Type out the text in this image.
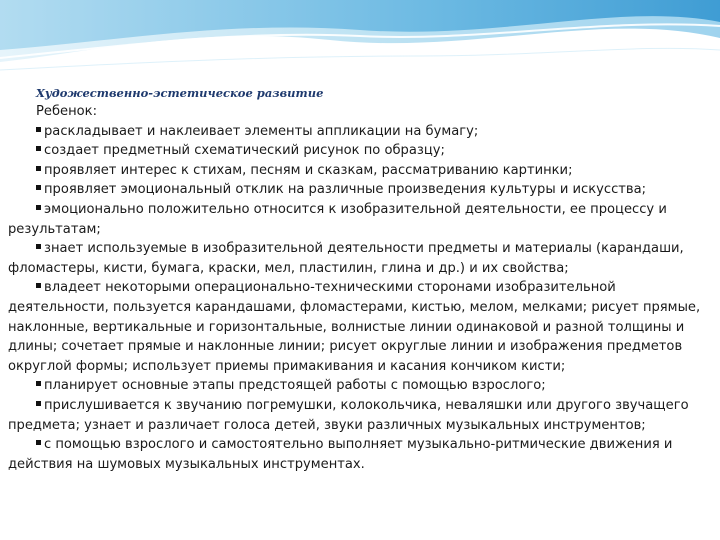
Художественно-эстетическое развитие
Ребенок:

раскладывает и наклеивает элементы аппликации на бумагу;

создает предметный схематический рисунок по образцу;

проявляет интерес к стихам, песням и сказкам, рассматриванию картинки;

проявляет эмоциональный отклик на различные произведения культуры и искусства;

эмоционально положительно относится к изобразительной деятельности, ее процессу и результатам;

знает используемые в изобразительной деятельности предметы и материалы (карандаши, фломастеры, кисти, бумага, краски, мел, пластилин, глина и др.) и их свойства;

владеет некоторыми операционально-техническими сторонами изобразительной деятельности, пользуется карандашами, фломастерами, кистью, мелом, мелками; рисует прямые, наклонные, вертикальные и горизонтальные, волнистые линии одинаковой и разной толщины и длины; сочетает прямые и наклонные линии; рисует округлые линии и изображения предметов округлой формы; использует приемы примакивания и касания кончиком кисти;

планирует основные этапы предстоящей работы с помощью взрослого;

прислушивается к звучанию погремушки, колокольчика, неваляшки или другого звучащего предмета; узнает и различает голоса детей, звуки различных музыкальных инструментов;

с помощью взрослого и самостоятельно выполняет музыкально-ритмические движения и действия на шумовых музыкальных инструментах.
